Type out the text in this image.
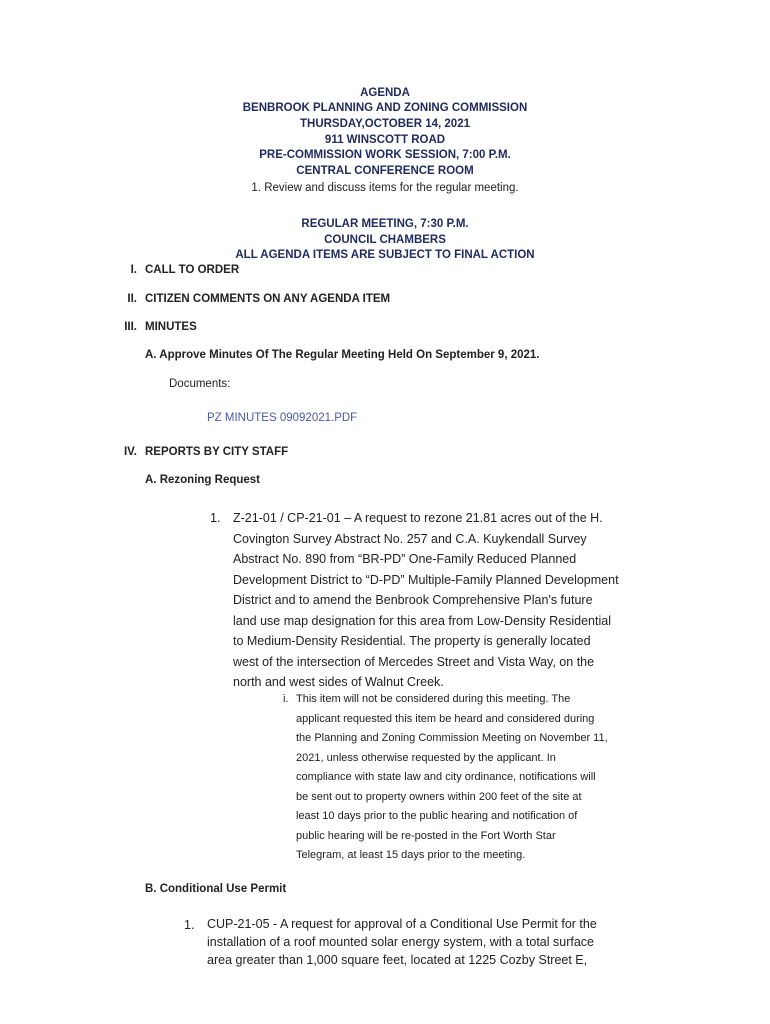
AGENDA
BENBROOK PLANNING AND ZONING COMMISSION
THURSDAY,OCTOBER 14, 2021
911 WINSCOTT ROAD
PRE-COMMISSION WORK SESSION, 7:00 P.M.
CENTRAL CONFERENCE ROOM
1. Review and discuss items for the regular meeting.
REGULAR MEETING, 7:30 P.M.
COUNCIL CHAMBERS
ALL AGENDA ITEMS ARE SUBJECT TO FINAL ACTION
I. CALL TO ORDER
II. CITIZEN COMMENTS ON ANY AGENDA ITEM
III. MINUTES
A. Approve Minutes Of The Regular Meeting Held On September 9, 2021.
Documents:
PZ MINUTES 09092021.PDF
IV. REPORTS BY CITY STAFF
A. Rezoning Request
1. Z-21-01 / CP-21-01 – A request to rezone 21.81 acres out of the H.
Covington Survey Abstract No. 257 and C.A. Kuykendall Survey
Abstract No. 890 from “BR-PD” One-Family Reduced Planned
Development District to “D-PD” Multiple-Family Planned Development
District and to amend the Benbrook Comprehensive Plan's future
land use map designation for this area from Low-Density Residential
to Medium-Density Residential. The property is generally located
west of the intersection of Mercedes Street and Vista Way, on the
north and west sides of Walnut Creek.
i. This item will not be considered during this meeting. The
applicant requested this item be heard and considered during
the Planning and Zoning Commission Meeting on November 11,
2021, unless otherwise requested by the applicant. In
compliance with state law and city ordinance, notifications will
be sent out to property owners within 200 feet of the site at
least 10 days prior to the public hearing and notification of
public hearing will be re-posted in the Fort Worth Star
Telegram, at least 15 days prior to the meeting.
B. Conditional Use Permit
1. CUP-21-05 - A request for approval of a Conditional Use Permit for the
installation of a roof mounted solar energy system, with a total surface
area greater than 1,000 square feet, located at 1225 Cozby Street E,
